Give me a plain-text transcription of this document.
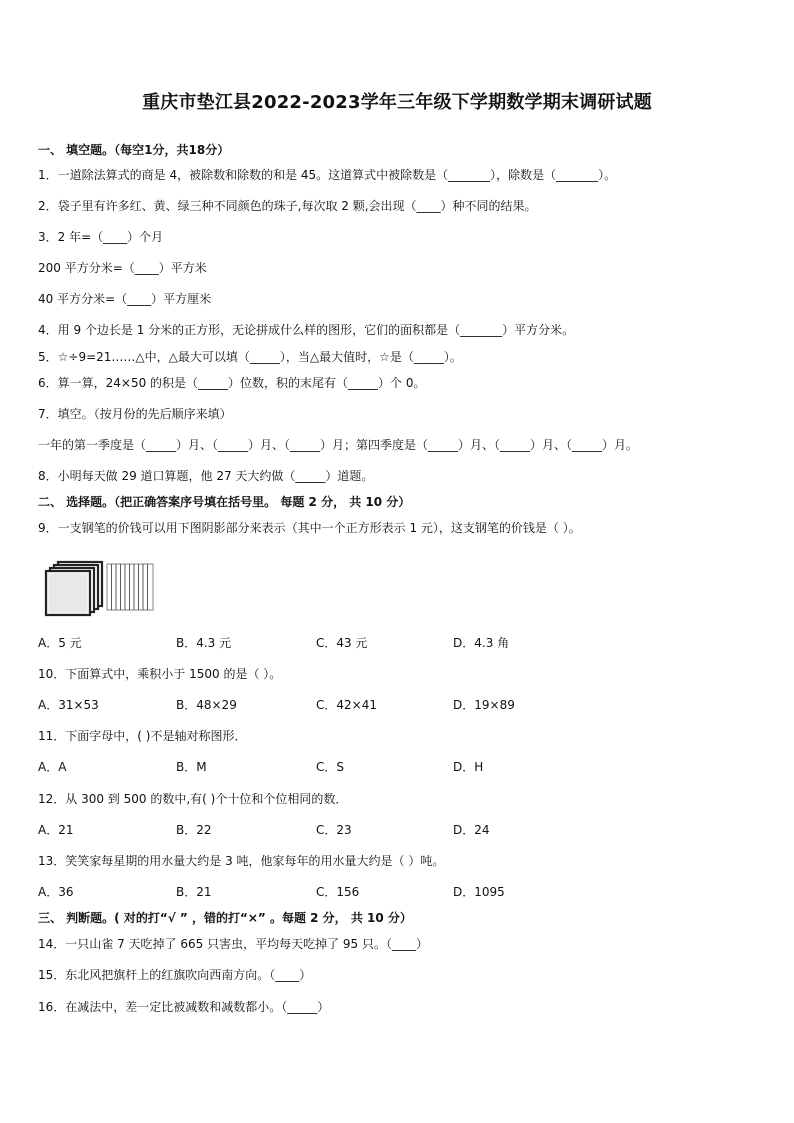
重庆市垫江县2022-2023学年三年级下学期数学期末调研试题
一、 填空题。（每空1分，共18分）
1．一道除法算式的商是 4，被除数和除数的和是 45。这道算式中被除数是（_______），除数是（_______）。
2．袋子里有许多红、黄、绿三种不同颜色的珠子,每次取 2 颗,会出现（____）种不同的结果。
3．2 年=（____）个月
200 平方分米=（____）平方米
40 平方分米=（____）平方厘米
4．用 9 个边长是 1 分米的正方形，无论拼成什么样的图形，它们的面积都是（_______）平方分米。
5．☆÷9=21……△中，△最大可以填（_____），当△最大值时，☆是（_____）。
6．算一算，24×50 的积是（_____）位数，积的末尾有（_____）个 0。
7．填空。（按月份的先后顺序来填）
一年的第一季度是（_____）月、（_____）月、（_____）月；第四季度是（_____）月、（_____）月、（_____）月。
8．小明每天做 29 道口算题，他 27 天大约做（_____）道题。
二、 选择题。（把正确答案序号填在括号里。 每题 2 分， 共 10 分）
9．一支钢笔的价钱可以用下图阴影部分来表示（其中一个正方形表示 1 元），这支钢笔的价钱是（ ）。
A．5 元	B．4.3 元	C．43 元	D．4.3 角
10．下面算式中，乘积小于 1500 的是（ ）。
A．31×53	B．48×29	C．42×41	D．19×89
11．下面字母中，( )不是轴对称图形．
A．A	B．M	C．S	D．H
12．从 300 到 500 的数中,有( )个十位和个位相同的数．
A．21	B．22	C．23	D．24
13．笑笑家每星期的用水量大约是 3 吨，他家每年的用水量大约是（ ）吨。
A．36	B．21	C．156	D．1095
三、 判断题。( 对的打“√ ” ，错的打“×” 。每题 2 分， 共 10 分）
14．一只山雀 7 天吃掉了 665 只害虫，平均每天吃掉了 95 只。（____）
15．东北风把旗杆上的红旗吹向西南方向。（____）
16．在减法中，差一定比被减数和减数都小。（_____）
